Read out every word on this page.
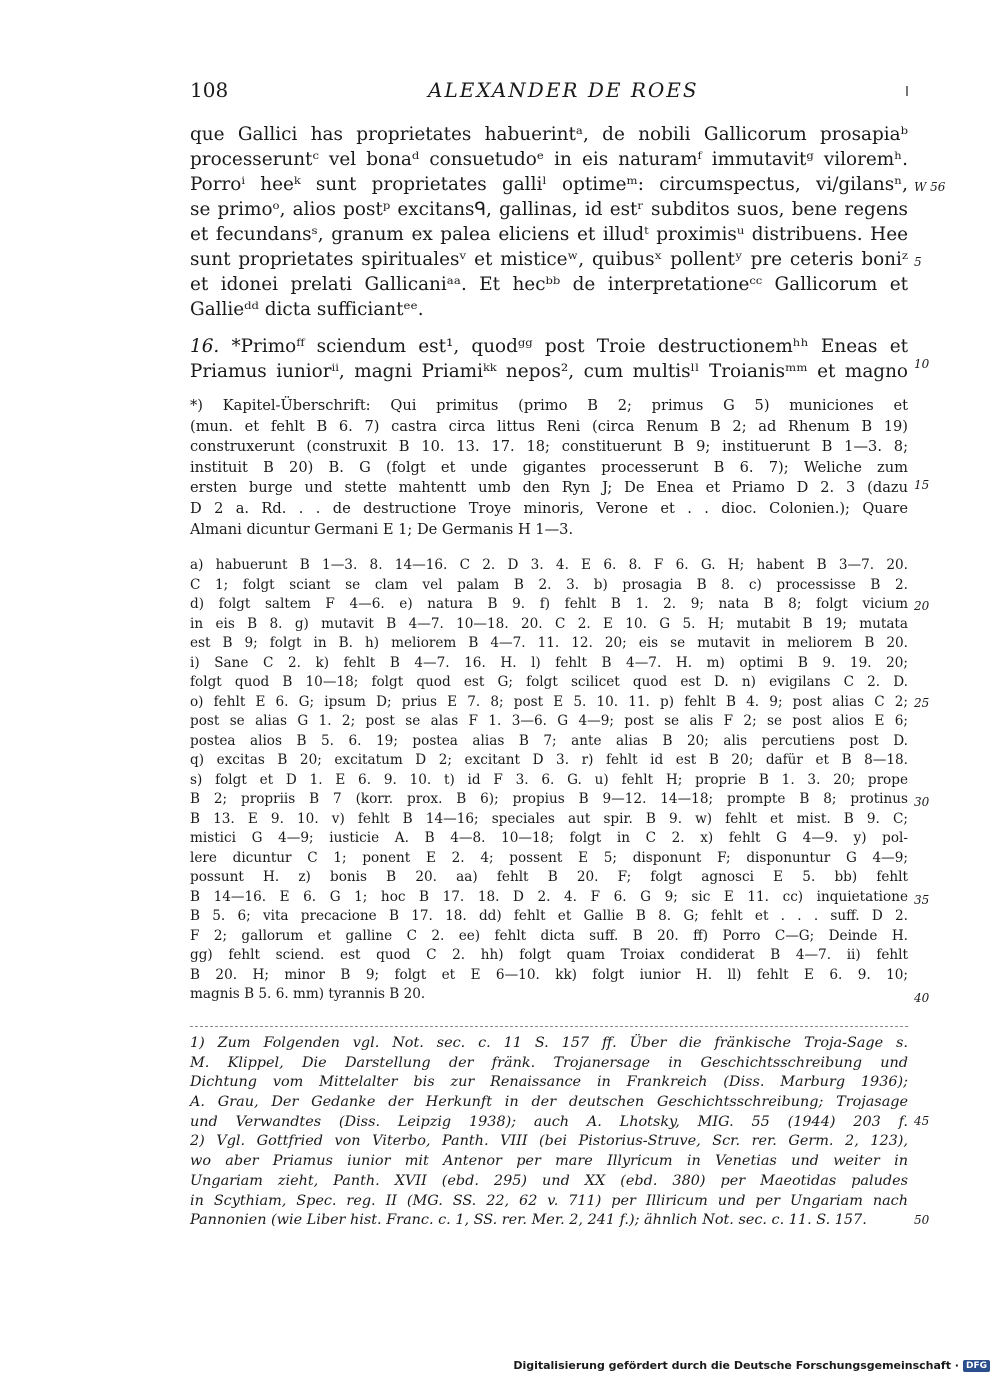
108	ALEXANDER DE ROES
que Gallici has proprietates habuerintᵃ, de nobili Gallicorum prosapiaᵇ
processeruntᶜ vel bonaᵈ consuetudoᵉ in eis naturamᶠ immutavitᵍ viloremʰ.
Porroⁱ heeᵏ sunt proprietates galliˡ optimeᵐ: circumspectus, vi/gilansⁿ,
se primoᵒ, alios postᵖ excitansᑫ, gallinas, id estʳ subditos suos, bene regens
et fecundansˢ, granum ex palea eliciens et illudᵗ proximisᵘ distribuens. Hee
sunt proprietates spiritualesᵛ et misticeʷ, quibusˣ pollentʸ pre ceteris boniᶻ
et idonei prelati Gallicaniᵃᵃ. Et hecᵇᵇ de interpretationeᶜᶜ Gallicorum et
Gallieᵈᵈ dicta sufficiantᵉᵉ.
16. *Primoᶠᶠ sciendum est¹, quodᵍᵍ post Troie destructionemʰʰ Eneas et
Priamus iuniorⁱⁱ, magni Priamiᵏᵏ nepos², cum multisˡˡ Troianisᵐᵐ et magno
*) Kapitel-Überschrift: Qui primitus (primo B 2; primus G 5) municiones et
(mun. et fehlt B 6. 7) castra circa littus Reni (circa Renum B 2; ad Rhenum B 19)
construxerunt (construxit B 10. 13. 17. 18; constituerunt B 9; instituerunt B 1—3. 8;
instituit B 20) B. G (folgt et unde gigantes processerunt B 6. 7); Weliche zum
ersten burge und stette mahtentt umb den Ryn J; De Enea et Priamo D 2. 3 (dazu
D 2 a. Rd. . . de destructione Troye minoris, Verone et . . dioc. Colonien.); Quare
Almani dicuntur Germani E 1; De Germanis H 1—3.
a) habuerunt B 1—3. 8. 14—16. C 2. D 3. 4. E 6. 8. F 6. G. H; habent B 3—7. 20.
C 1; folgt sciant se clam vel palam B 2. 3. b) prosagia B 8. c) processisse B 2.
d) folgt saltem F 4—6. e) natura B 9. f) fehlt B 1. 2. 9; nata B 8; folgt vicium
in eis B 8. g) mutavit B 4—7. 10—18. 20. C 2. E 10. G 5. H; mutabit B 19; mutata
est B 9; folgt in B. h) meliorem B 4—7. 11. 12. 20; eis se mutavit in meliorem B 20.
i) Sane C 2. k) fehlt B 4—7. 16. H. l) fehlt B 4—7. H. m) optimi B 9. 19. 20;
folgt quod B 10—18; folgt quod est G; folgt scilicet quod est D. n) evigilans C 2. D.
o) fehlt E 6. G; ipsum D; prius E 7. 8; post E 5. 10. 11. p) fehlt B 4. 9; post alias C 2;
post se alias G 1. 2; post se alas F 1. 3—6. G 4—9; post se alis F 2; se post alios E 6;
postea alios B 5. 6. 19; postea alias B 7; ante alias B 20; alis percutiens post D.
q) excitas B 20; excitatum D 2; excitant D 3. r) fehlt id est B 20; dafür et B 8—18.
s) folgt et D 1. E 6. 9. 10. t) id F 3. 6. G. u) fehlt H; proprie B 1. 3. 20; prope
B 2; propriis B 7 (korr. prox. B 6); propius B 9—12. 14—18; prompte B 8; protinus
B 13. E 9. 10. v) fehlt B 14—16; speciales aut spir. B 9. w) fehlt et mist. B 9. C;
mistici G 4—9; iusticie A. B 4—8. 10—18; folgt in C 2. x) fehlt G 4—9. y) pol-
lere dicuntur C 1; ponent E 2. 4; possent E 5; disponunt F; disponuntur G 4—9;
possunt H. z) bonis B 20. aa) fehlt B 20. F; folgt agnosci E 5. bb) fehlt
B 14—16. E 6. G 1; hoc B 17. 18. D 2. 4. F 6. G 9; sic E 11. cc) inquietatione
B 5. 6; vita precacione B 17. 18. dd) fehlt et Gallie B 8. G; fehlt et . . . suff. D 2.
F 2; gallorum et galline C 2. ee) fehlt dicta suff. B 20. ff) Porro C—G; Deinde H.
gg) fehlt sciend. est quod C 2. hh) folgt quam Troiax condiderat B 4—7. ii) fehlt
B 20. H; minor B 9; folgt et E 6—10. kk) folgt iunior H. ll) fehlt E 6. 9. 10;
magnis B 5. 6. mm) tyrannis B 20.
1) Zum Folgenden vgl. Not. sec. c. 11 S. 157 ff. Über die fränkische Troja-Sage s.
M. Klippel, Die Darstellung der fränk. Trojanersage in Geschichtsschreibung und
Dichtung vom Mittelalter bis zur Renaissance in Frankreich (Diss. Marburg 1936);
A. Grau, Der Gedanke der Herkunft in der deutschen Geschichtsschreibung; Trojasage
und Verwandtes (Diss. Leipzig 1938); auch A. Lhotsky, MIG. 55 (1944) 203 f.
2) Vgl. Gottfried von Viterbo, Panth. VIII (bei Pistorius-Struve, Scr. rer. Germ. 2, 123),
wo aber Priamus iunior mit Antenor per mare Illyricum in Venetias und weiter in
Ungariam zieht, Panth. XVII (ebd. 295) und XX (ebd. 380) per Maeotidas paludes
in Scythiam, Spec. reg. II (MG. SS. 22, 62 v. 711) per Illiricum und per Ungariam nach
Pannonien (wie Liber hist. Franc. c. 1, SS. rer. Mer. 2, 241 f.); ähnlich Not. sec. c. 11. S. 157.
W 56
5
10
15
20
25
30
35
40
45
50
Digitalisierung gefördert durch die Deutsche Forschungsgemeinschaft · DFG
